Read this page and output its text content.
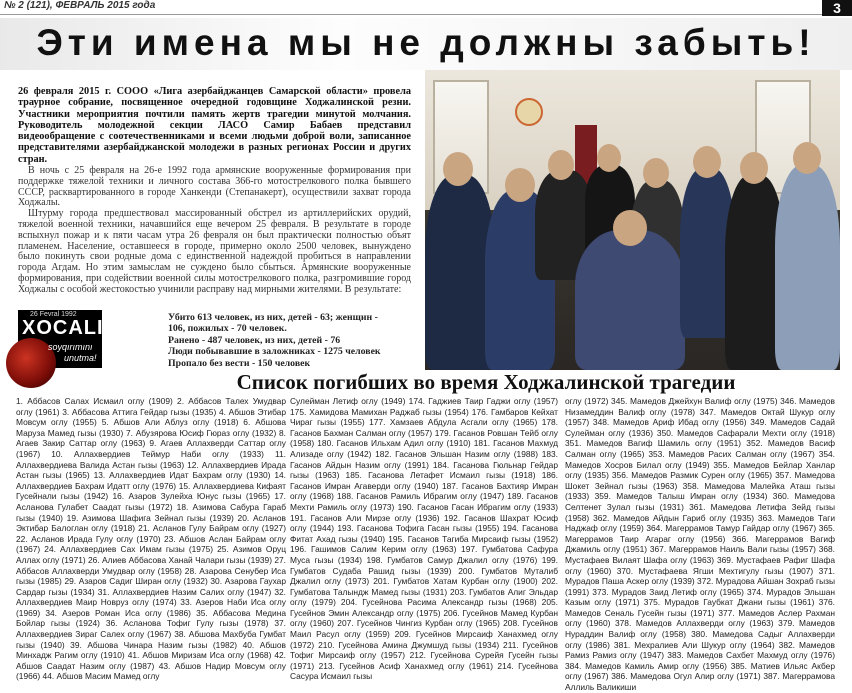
№ 2 (121), ФЕВРАЛЬ 2015 года	3
Эти имена мы не должны забыть!
26 февраля 2015 г. СООО «Лига азербайджанцев Самарской области» провела траурное собрание, посвященное очередной годовщине Ходжалинской резни. Участники мероприятия почтили память жертв трагедии минутой молчания. Руководитель молодежной секции ЛАСО Самир Бабаев представил видеообращение с соотечественниками и всеми людьми доброй воли, записанное представителями азербайджанской молодежи в разных регионах России и других стран.

В ночь с 25 февраля на 26-е 1992 года армянские вооруженные формирования при поддержке тяжелой техники и личного состава 366-го мотострелкового полка бывшего СССР, расквартированного в городе Ханкенди (Степанакерт), осуществили захват города Ходжалы.

Штурму города предшествовал массированный обстрел из артиллерийских орудий, тяжелой военной техники, начавшийся еще вечером 25 февраля. В результате в городе вспыхнул пожар и к пяти часам утра 26 февраля он был практически полностью объят пламенем. Население, оставшееся в городе, примерно около 2500 человек, вынуждено было покинуть свои родные дома с единственной надеждой пробиться в направлении города Агдам. Но этим замыслам не суждено было сбыться. Армянские вооруженные формирования, при содействии военной силы мотострелкового полка, разгромившие город Ходжалы с особой жестокостью учинили расправу над мирными жителями. В результате:

26 Fevral 1992
XOCALI
soyqırımını
unutma!
Убито 613 человек, из них, детей - 63; женщин -
106, пожилых - 70 человек.
Ранено - 487 человек, из них, детей - 76
Люди побывавшие в заложниках - 1275 человек
Пропало без вести - 150 человек
Список погибших во время Ходжалинской трагедии
1. Аббасов Салах Исмаил оглу (1909) 2. Аббасов Талех Умудвар оглу (1961) 3. Аббасова Аттига Гейдар гызы (1935) 4. Абшов Этибар Мовсум оглу (1955) 5. Абшов Али Аблуз оглу (1918) 6. Абшова Маруза Мамед гызы (1930) 7. Абузярова Юсиф Гюраз оглу (1932) 8. Агаев Закир Саттар оглу (1963) 9. Агаев Аллахверди Саттар оглу (1967) 10. Аллахвердиев Теймур Наби оглу (1933) 11. Аллахвердиева Валида Астан гызы (1963) 12. Аллахвердиев Ирада Астан гызы (1965) 13. Аллахвердиев Идат Бахрам оглу (1930) 14. Аллахвердиев Бахрам Идатт оглу (1976) 15. Аллахвердиева Кифаят Гусейнали гызы (1942) 16. Азаров Зулейха Юнус гызы (1965) 17. Асланова Гулабет Саадат гызы (1972) 18. Азимова Сабура Гараб гызы (1940) 19. Азимова Шафига Зейнал гызы (1939) 20. Асланов Эктибар Балоглан оглу (1918) 21. Асланов Гулу Байрам оглу (1927) 22. Асланов Ирада Гулу оглу (1970) 23. Абшов Аслан Байрам оглу (1967) 24. Аллахвердиев Сах Имам гызы (1975) 25. Азимов Оруц Аллах оглу (1971) 26. Алиев Аббасова Ханай Чалари гызы (1939) 27. Аббасов Аллахверди Умудвар оглу (1958) 28. Азарова Сенубер Иса гызы (1985) 29. Азаров Садиг Ширан оглу (1932) 30. Азарова Гаухар Сардар гызы (1934) 31. Аллахвердиев Назим Салих оглу (1947) 32. Аллахвердиев Маир Новруз оглу (1974) 33. Азеров Наби Иса оглу (1969) 34. Азеров Роман Иса оглу (1986) 35. Аббасова Медина Бойлар гызы (1924) 36. Асланова Тофиг Гулу гызы (1978) 37. Аллахвердиев Зираг Салех оглу (1967) 38. Абшова Махбуба Гумбат гызы (1940) 39. Абшова Чинара Назим гызы (1982) 40. Абшов Минхадж Рагим оглу (1910) 41. Абшов Миризам Иса оглу (1968) 42. Абшов Саадат Назим оглу (1987) 43. Абшов Надир Мовсум оглу (1966) 44. Абшов Масим Мамед оглу
Сулейман Летиф оглу (1949) 174. Гаджиев Таир Гаджи оглу (1957) 175. Хамидова Мамихан Раджаб гызы (1954) 176. Гамбаров Кейхат Чираг гызы (1955) 177. Хамзаев Абдула Асгали оглу (1965) 178. Гасанов Бахман Салман оглу (1957) 179. Гасанов Ровшан Тейб оглу (1958) 180. Гасанов Ильхам Адил оглу (1910) 181. Гасанов Махмуд Ализаде оглу (1942) 182. Гасанов Эльшан Назим оглу (1988) 183. Гасанов Айдын Назим оглу (1991) 184. Гасанова Гюльнар Гейдар гызы (1963) 185. Гасанова Летафет Исмаил гызы (1918) 186. Гасанов Имран Агаверди оглу (1940) 187. Гасанов Бахтияр Имран оглу (1968) 188. Гасанов Рамиль Ибрагим оглу (1947) 189. Гасанов Мехти Рамиль оглу (1973) 190. Гасанов Гасан Ибрагим оглу (1933) 191. Гасанов Али Мирзе оглу (1936) 192. Гасанов Шахрат Юсиф оглу (1944) 193. Гасанова Тофига Гасан гызы (1955) 194. Гасанова Фитат Ахад гызы (1940) 195. Гасанов Тагиба Мирсаиф гызы (1952) 196. Гашимов Салим Керим оглу (1963) 197. Гумбатова Сафура Муса гызы (1934) 198. Гумбатов Самур Джалил оглу (1976) 199. Гумбатов Судаба Рашид гызы (1939) 200. Гумбатов Муталиб Джалил оглу (1973) 201. Гумбатов Хатам Курбан оглу (1900) 202. Гумбатова Талындж Мамед гызы (1931) 203. Гумбатов Алиг Эльдар оглу (1979) 204. Гусейнова Расима Александр гызы (1968) 205. Гусейнов Эмин Александр оглу (1975) 206. Гусейнов Мамед Курбан оглу (1960) 207. Гусейнов Чингиз Курбан оглу (1965) 208. Гусейнов Маил Расул оглу (1959) 209. Гусейнов Мирсаиф Ханахмед оглу (1972) 210. Гусейнова Амина Джумшуд гызы (1934) 211. Гусейнов Тофиг Мирсаиф оглу (1957) 212. Гусейнова Сурейя Гусейн гызы (1971) 213. Гусейнов Асиф Ханахмед оглу (1961) 214. Гусейнова Сасура Исмаил гызы
оглу (1972) 345. Мамедов Джейхун Валиф оглу (1975) 346. Мамедов Низамеддин Валиф оглу (1978) 347. Мамедов Октай Шукур оглу (1957) 348. Мамедов Ариф Ибад оглу (1956) 349. Мамедов Садай Сулейман оглу (1936) 350. Мамедов Сафарали Мехти оглу (1918) 351. Мамедов Вагиф Шамиль оглу (1951) 352. Мамедов Васиф Салман оглу (1965) 353. Мамедов Расих Салман оглу (1967) 354. Мамедов Хосров Билал оглу (1949) 355. Мамедов Бейлар Ханлар оглу (1935) 356. Мамедов Размик Сурен оглу (1965) 357. Мамедова Шокет Зейнал гызы (1963) 358. Мамедова Малейка Аташ гызы (1933) 359. Мамедов Талыш Имран оглу (1934) 360. Мамедова Селтенет Зулал гызы (1931) 361. Мамедова Летифа Зейд гызы (1958) 362. Мамедов Айдын Гариб оглу (1935) 363. Мамедов Таги Наджаф оглу (1959) 364. Магеррамов Тамур Гайдар оглу (1967) 365. Магеррамов Таир Агараг оглу (1956) 366. Магеррамов Вагиф Джамиль оглу (1951) 367. Магеррамов Наиль Вали гызы (1957) 368. Мустафаев Вилаят Шафа оглу (1963) 369. Мустафаев Рафиг Шафа оглу (1960) 370. Мустафаева Ягши Мехтигулу гызы (1907) 371. Мурадов Паша Аскер оглу (1939) 372. Мурадова Айшан Зохраб гызы (1991) 373. Мурадов Заид Летиф оглу (1965) 374. Мурадов Эльшан Казым оглу (1971) 375. Мурадов Гаубкат Джани гызы (1961) 376. Мамедов Сеналь Гусейн гызы (1971) 377. Мамедов Аслер Рахман оглу (1960) 378. Мамедов Аллахверди оглу (1963) 379. Мамедов Нураддин Валиф оглу (1958) 380. Мамедова Садыг Аллахверди оглу (1986) 381. Мехралиев Али Шукур оглу (1964) 382. Мамедов Рамиз Рамиз оглу (1947) 383. Мамедов Сахбет Махмуд оглу (1976) 384. Мамедов Камиль Амир оглу (1956) 385. Матиев Ильяс Акбер оглу (1967) 386. Мамедова Огул Алир оглу (1971) 387. Магеррамова Аллиль Валикиши
